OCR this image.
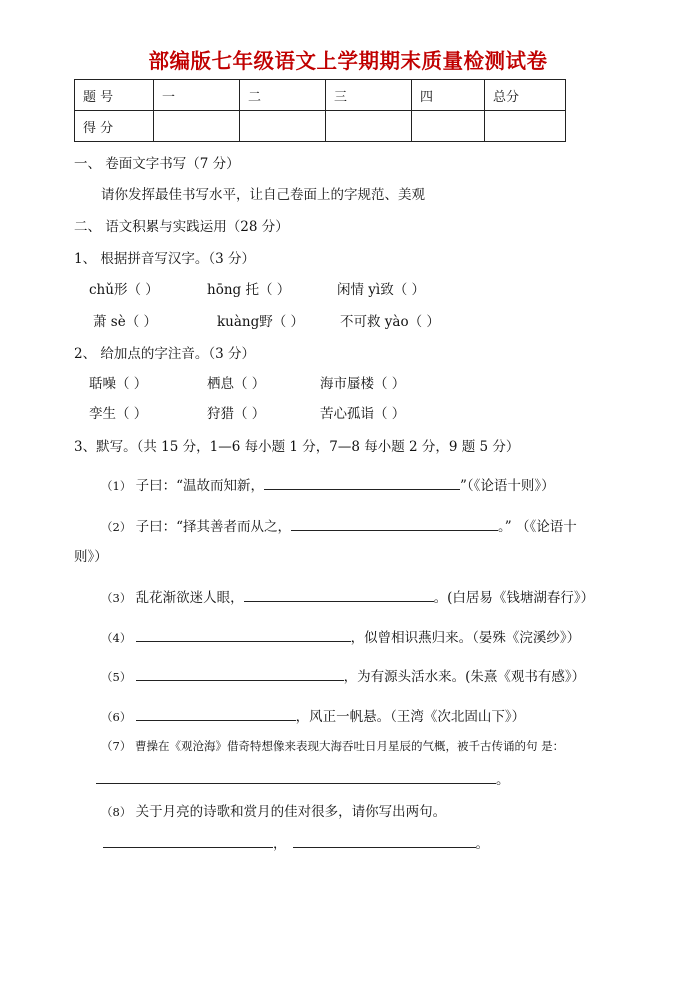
部编版七年级语文上学期期末质量检测试卷
题 号	一	二	三	四	总分
得 分					
一、 卷面文字书写（7 分）
请你发挥最佳书写水平，让自己卷面上的字规范、美观
二、 语文积累与实践运用（28 分）
1、 根据拼音写汉字。（3 分）
chǔ形（ ）	hōng 托（ ）	闲情 yì致（ ）
萧 sè（ ）	kuàng野（ ）	不可救 yào（ ）
2、 给加点的字注音。（3 分）
聒噪（ ）	栖息（ ）	海市蜃楼（ ）
孪生（ ）	狩猎（ ）	苦心孤诣（ ）
3、默写。（共 15 分，1—6 每小题 1 分，7—8 每小题 2 分，9 题 5 分）
（1） 子曰：“温故而知新，	”（《论语十则》）
（2） 子曰：“择其善者而从之，	。” （《论语十
则》）
（3） 乱花渐欲迷人眼，	。(白居易《钱塘湖春行》）
（4）	，似曾相识燕归来。（晏殊《浣溪纱》）
（5）	，为有源头活水来。(朱熹《观书有感》）
（6）	，风正一帆悬。（王湾《次北固山下》）
（7） 曹操在《观沧海》借奇特想像来表现大海吞吐日月星辰的气概，被千古传诵的句 是：
。
（8） 关于月亮的诗歌和赏月的佳对很多，请你写出两句。
，	。
